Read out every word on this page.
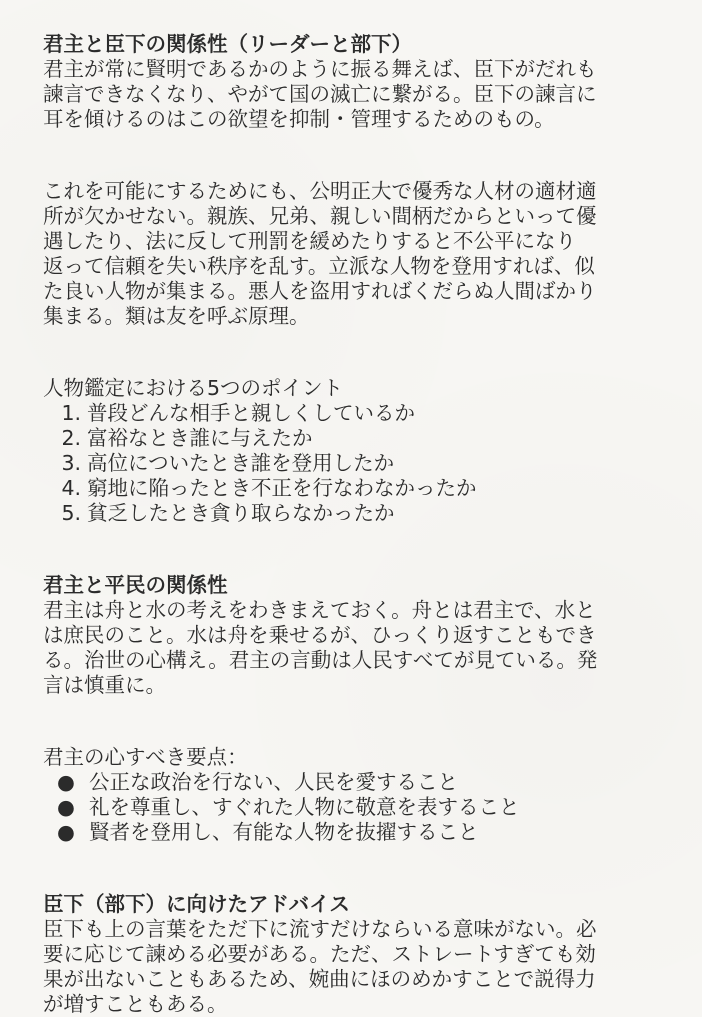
君主と臣下の関係性（リーダーと部下）
君主が常に賢明であるかのように振る舞えば、臣下がだれも
諫言できなくなり、やがて国の滅亡に繋がる。臣下の諫言に
耳を傾けるのはこの欲望を抑制・管理するためのもの。
これを可能にするためにも、公明正大で優秀な人材の適材適
所が欠かせない。親族、兄弟、親しい間柄だからといって優
遇したり、法に反して刑罰を緩めたりすると不公平になり
返って信頼を失い秩序を乱す。立派な人物を登用すれば、似
た良い人物が集まる。悪人を盗用すればくだらぬ人間ばかり
集まる。類は友を呼ぶ原理。
人物鑑定における5つのポイント
1. 普段どんな相手と親しくしているか
2. 富裕なとき誰に与えたか
3. 高位についたとき誰を登用したか
4. 窮地に陥ったとき不正を行なわなかったか
5. 貧乏したとき貪り取らなかったか
君主と平民の関係性
君主は舟と水の考えをわきまえておく。舟とは君主で、水と
は庶民のこと。水は舟を乗せるが、ひっくり返すこともでき
る。治世の心構え。君主の言動は人民すべてが見ている。発
言は慎重に。
君主の心すべき要点：
● 公正な政治を行ない、人民を愛すること
● 礼を尊重し、すぐれた人物に敬意を表すること
● 賢者を登用し、有能な人物を抜擢すること
臣下（部下）に向けたアドバイス
臣下も上の言葉をただ下に流すだけならいる意味がない。必
要に応じて諫める必要がある。ただ、ストレートすぎても効
果が出ないこともあるため、婉曲にほのめかすことで説得力
が増すこともある。
